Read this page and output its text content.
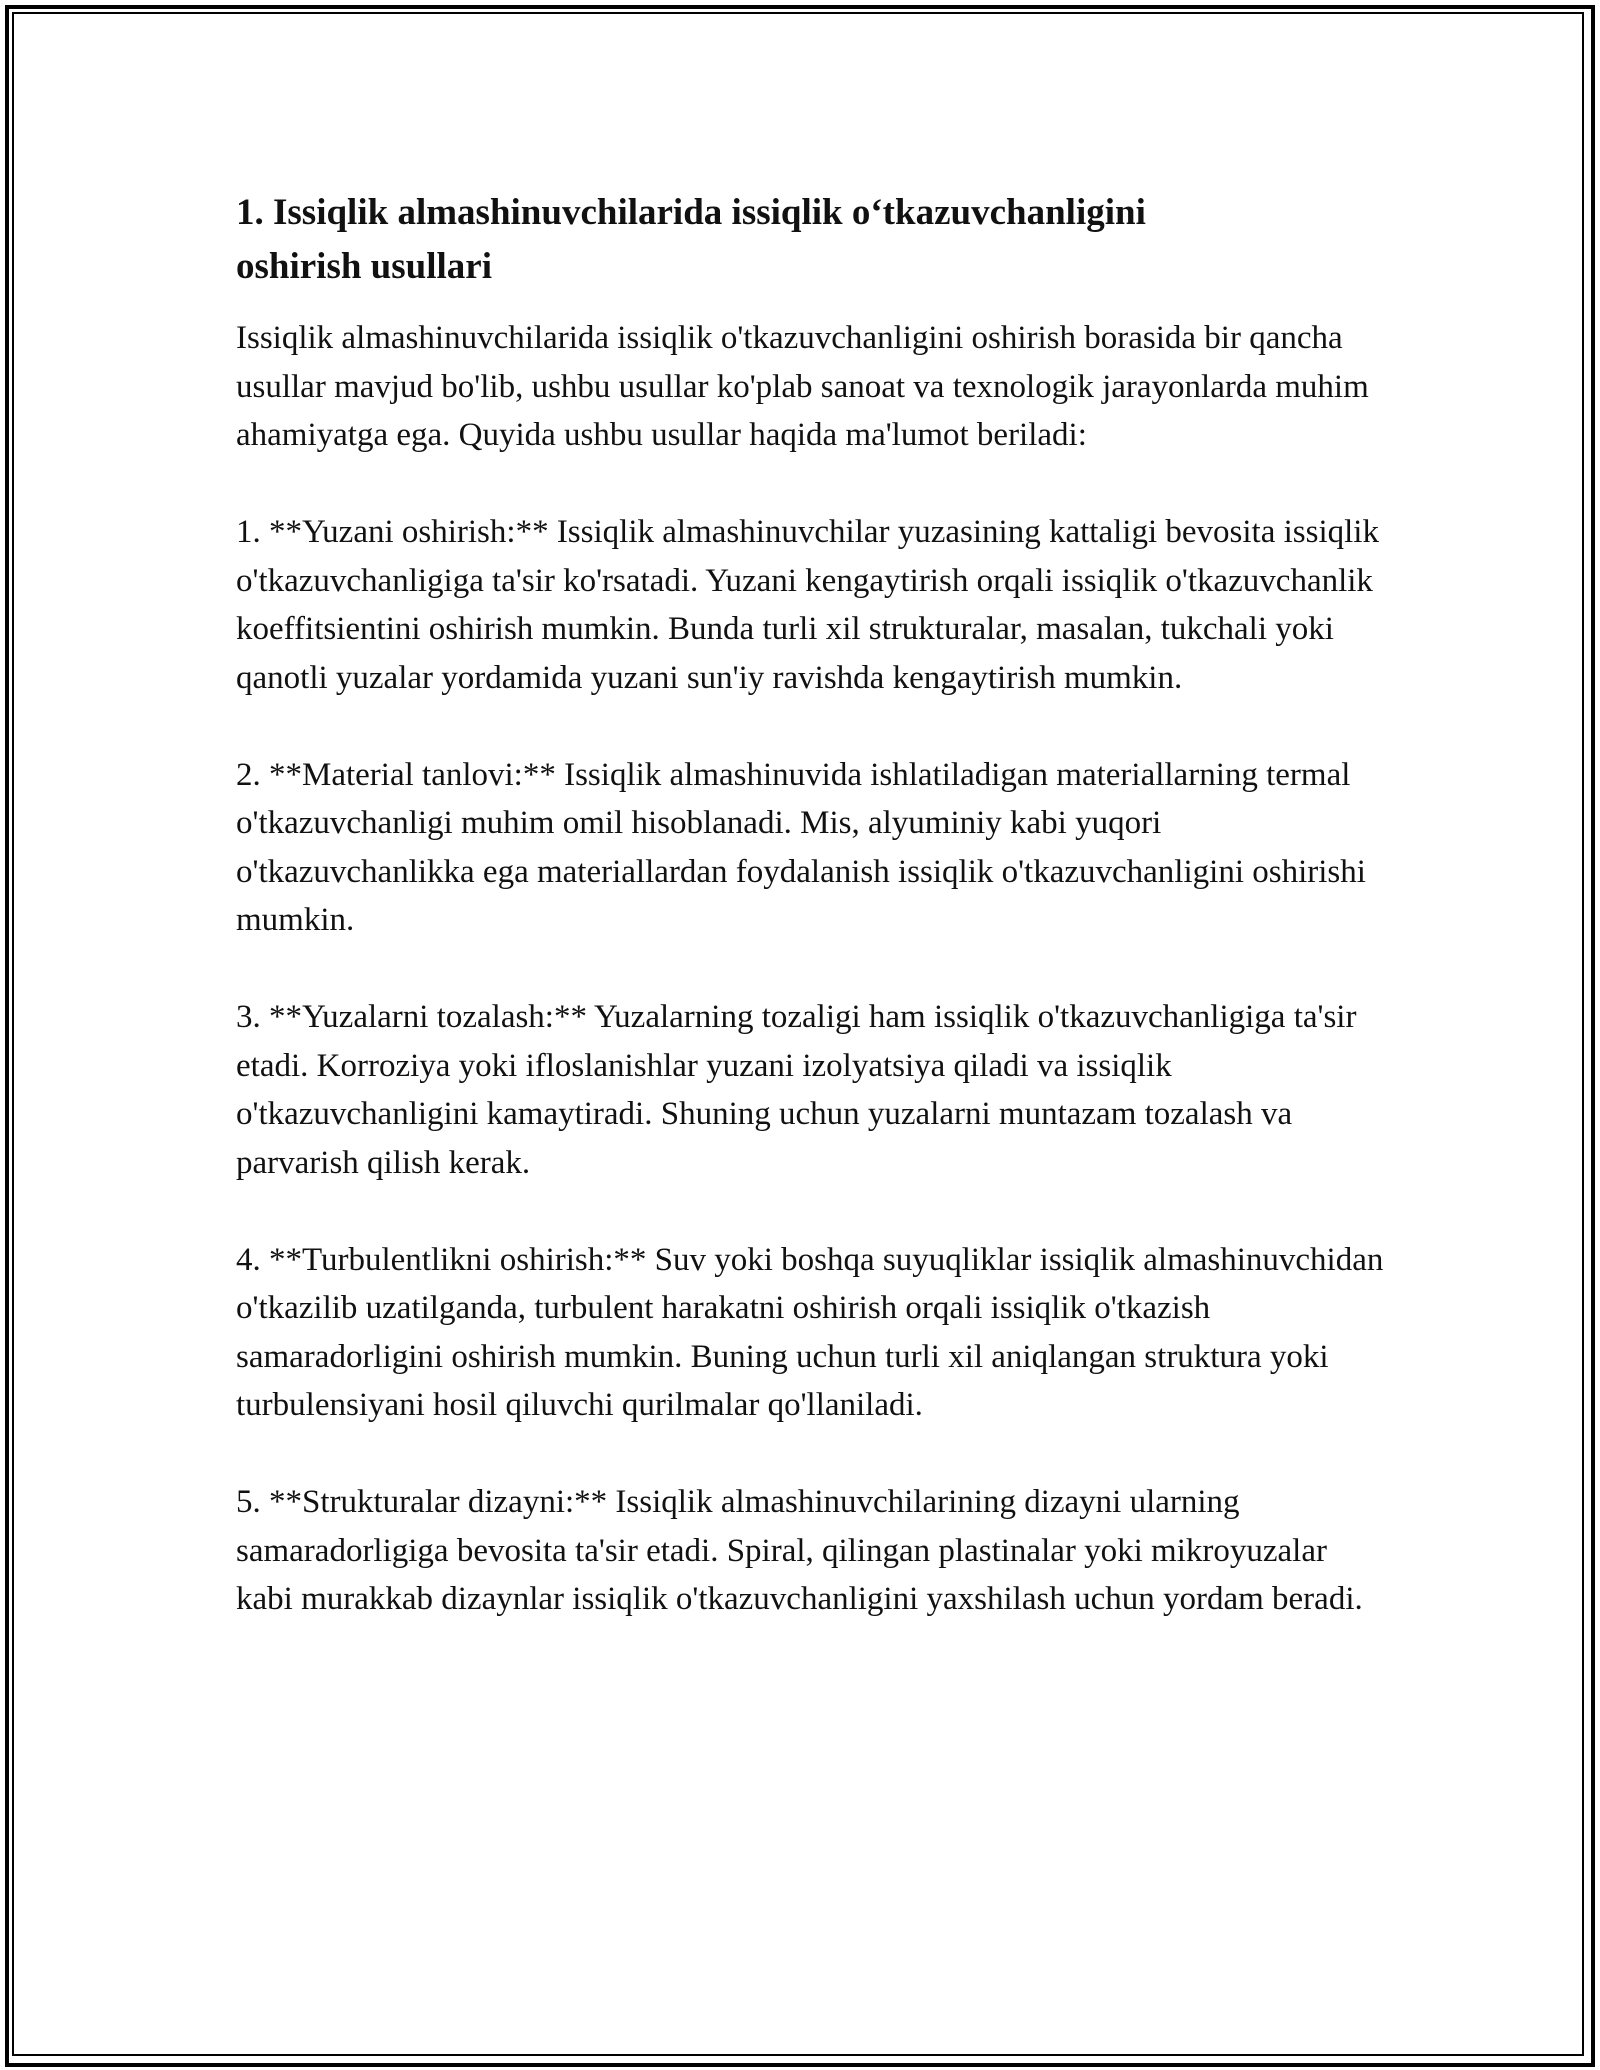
1. Issiqlik almashinuvchilarida issiqlik o‘tkazuvchanligini
oshirish usullari

Issiqlik almashinuvchilarida issiqlik o'tkazuvchanligini oshirish borasida bir qancha usullar mavjud bo'lib, ushbu usullar ko'plab sanoat va texnologik jarayonlarda muhim ahamiyatga ega. Quyida ushbu usullar haqida ma'lumot beriladi:

1. **Yuzani oshirish:** Issiqlik almashinuvchilar yuzasining kattaligi bevosita issiqlik o'tkazuvchanligiga ta'sir ko'rsatadi. Yuzani kengaytirish orqali issiqlik o'tkazuvchanlik koeffitsientini oshirish mumkin. Bunda turli xil strukturalar, masalan, tukchali yoki qanotli yuzalar yordamida yuzani sun'iy ravishda kengaytirish mumkin.

2. **Material tanlovi:** Issiqlik almashinuvida ishlatiladigan materiallarning termal o'tkazuvchanligi muhim omil hisoblanadi. Mis, alyuminiy kabi yuqori o'tkazuvchanlikka ega materiallardan foydalanish issiqlik o'tkazuvchanligini oshirishi mumkin.

3. **Yuzalarni tozalash:** Yuzalarning tozaligi ham issiqlik o'tkazuvchanligiga ta'sir etadi. Korroziya yoki ifloslanishlar yuzani izolyatsiya qiladi va issiqlik o'tkazuvchanligini kamaytiradi. Shuning uchun yuzalarni muntazam tozalash va parvarish qilish kerak.

4. **Turbulentlikni oshirish:** Suv yoki boshqa suyuqliklar issiqlik almashinuvchidan o'tkazilib uzatilganda, turbulent harakatni oshirish orqali issiqlik o'tkazish samaradorligini oshirish mumkin. Buning uchun turli xil aniqlangan struktura yoki turbulensiyani hosil qiluvchi qurilmalar qo'llaniladi.

5. **Strukturalar dizayni:** Issiqlik almashinuvchilarining dizayni ularning samaradorligiga bevosita ta'sir etadi. Spiral, qilingan plastinalar yoki mikroyuzalar kabi murakkab dizaynlar issiqlik o'tkazuvchanligini yaxshilash uchun yordam beradi.
